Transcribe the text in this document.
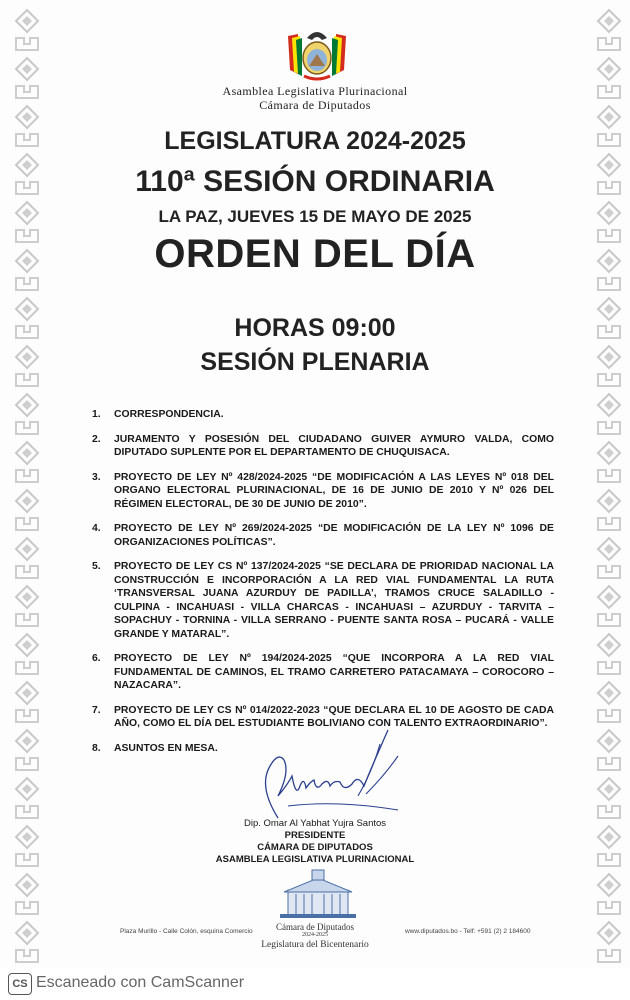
Asamblea Legislativa Plurinacional
Cámara de Diputados
LEGISLATURA 2024-2025
110ª SESIÓN ORDINARIA
LA PAZ, JUEVES 15 DE MAYO DE 2025
ORDEN DEL DÍA
HORAS 09:00
SESIÓN PLENARIA
1.	CORRESPONDENCIA.
2.	JURAMENTO Y POSESIÓN DEL CIUDADANO GUIVER AYMURO VALDA, COMO DIPUTADO SUPLENTE POR EL DEPARTAMENTO DE CHUQUISACA.
3.	PROYECTO DE LEY Nº 428/2024-2025 “DE MODIFICACIÓN A LAS LEYES Nº 018 DEL ORGANO ELECTORAL PLURINACIONAL, DE 16 DE JUNIO DE 2010 Y Nº 026 DEL RÉGIMEN ELECTORAL, DE 30 DE JUNIO DE 2010”.
4.	PROYECTO DE LEY Nº 269/2024-2025 “DE MODIFICACIÓN DE LA LEY Nº 1096 DE ORGANIZACIONES POLÍTICAS”.
5.	PROYECTO DE LEY CS Nº 137/2024-2025 “SE DECLARA DE PRIORIDAD NACIONAL LA CONSTRUCCIÓN E INCORPORACIÓN A LA RED VIAL FUNDAMENTAL LA RUTA ‘TRANSVERSAL JUANA AZURDUY DE PADILLA’, TRAMOS CRUCE SALADILLO -CULPINA - INCAHUASI - VILLA CHARCAS - INCAHUASI – AZURDUY - TARVITA – SOPACHUY - TORNINA - VILLA SERRANO - PUENTE SANTA ROSA – PUCARÁ - VALLE GRANDE Y MATARAL”.
6.	PROYECTO DE LEY Nº 194/2024-2025 “QUE INCORPORA A LA RED VIAL FUNDAMENTAL DE CAMINOS, EL TRAMO CARRETERO PATACAMAYA – COROCORO – NAZACARA”.
7.	PROYECTO DE LEY CS Nº 014/2022-2023 “QUE DECLARA EL 10 DE AGOSTO DE CADA AÑO, COMO EL DÍA DEL ESTUDIANTE BOLIVIANO CON TALENTO EXTRAORDINARIO”.
8.	ASUNTOS EN MESA.
Dip. Omar Al Yabhat Yujra Santos
PRESIDENTE
CÁMARA DE DIPUTADOS
ASAMBLEA LEGISLATIVA PLURINACIONAL
Plaza Murillo - Calle Colón, esquina Comercio	Cámara de Diputados
2024-2025
Legislatura del Bicentenario
www.diputados.bo - Telf: +591 (2) 2 184600
CS Escaneado con CamScanner
